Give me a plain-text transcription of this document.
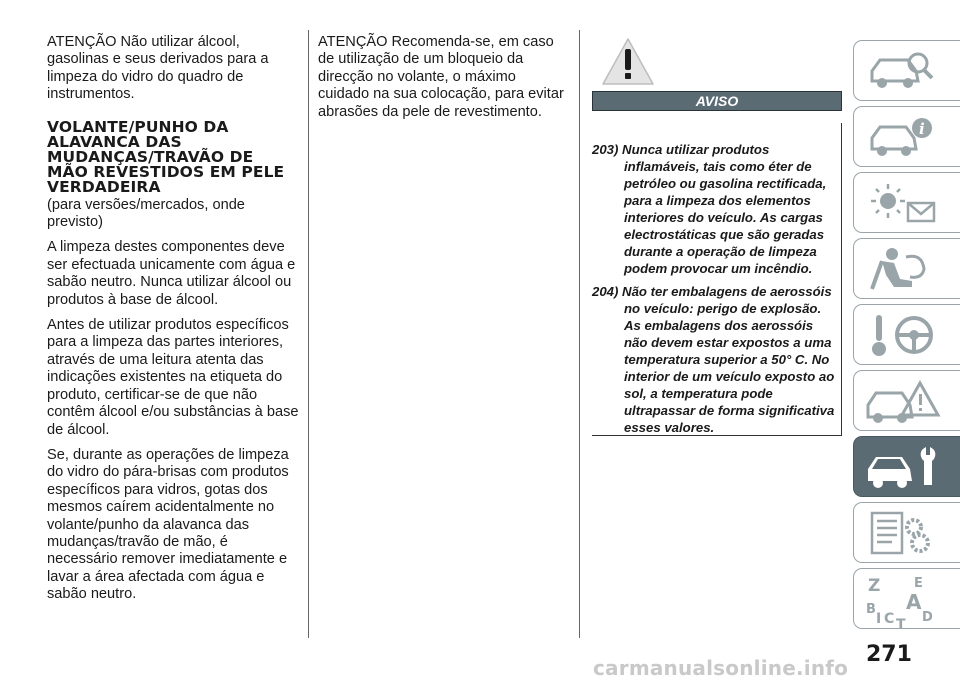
ATENÇÃO Não utilizar álcool, gasolinas e seus derivados para a limpeza do vidro do quadro de instrumentos.

VOLANTE/PUNHO DA ALAVANCA DAS MUDANÇAS/TRAVÃO DE MÃO REVESTIDOS EM PELE VERDADEIRA

(para versões/mercados, onde previsto)

A limpeza destes componentes deve ser efectuada unicamente com água e sabão neutro. Nunca utilizar álcool ou produtos à base de álcool.

Antes de utilizar produtos específicos para a limpeza das partes interiores, através de uma leitura atenta das indicações existentes na etiqueta do produto, certificar-se de que não contêm álcool e/ou substâncias à base de álcool.

Se, durante as operações de limpeza do vidro do pára-brisas com produtos específicos para vidros, gotas dos mesmos caírem acidentalmente no volante/punho da alavanca das mudanças/travão de mão, é necessário remover imediatamente e lavar a área afectada com água e sabão neutro.

ATENÇÃO Recomenda-se, em caso de utilização de um bloqueio da direcção no volante, o máximo cuidado na sua colocação, para evitar abrasões da pele de revestimento.

AVISO

203) Nunca utilizar produtos inflamáveis, tais como éter de petróleo ou gasolina rectificada, para a limpeza dos elementos interiores do veículo. As cargas electrostáticas que são geradas durante a operação de limpeza podem provocar um incêndio.

204) Não ter embalagens de aerossóis no veículo: perigo de explosão. As embalagens dos aerossóis não devem estar expostos a uma temperatura superior a 50° C. No interior de um veículo exposto ao sol, a temperatura pode ultrapassar de forma significativa esses valores.

i
Z	E
B A
I C T D
271
carmanualsonline.info
